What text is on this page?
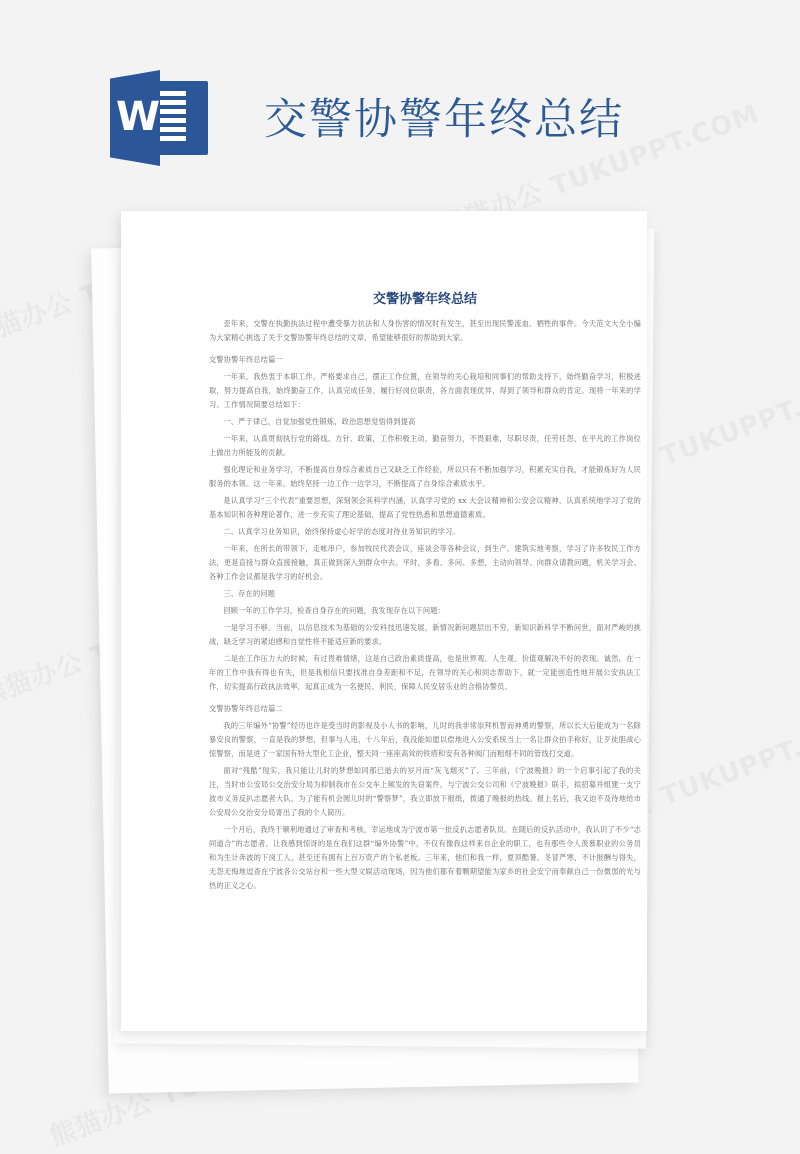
W 交警协警年终总结
交警协警年终总结

歪年来，交警在执勤执法过程中遭受暴力抗法和人身伤害的情况时有发生，甚至出现民警流血、牺牲的事件。今天范文大全小编为大家精心挑选了关于交警协警年终总结的文章，希望能够很好的帮助到大家。

交警协警年终总结篇一

一年来，我热衷于本职工作，严格要求自己，摆正工作位置，在领导的关心栽培和同事们的帮助支持下，始终勤奋学习，积极进取，努力提高自我，始终勤奋工作，认真完成任务，履行好岗位职责，各方面表现优异，得到了领导和群众的肯定。现将一年来的学习、工作情况简要总结如下：

一、严于律己，自觉加强党性锻炼，政治思想觉悟得到提高

一年来，认真贯彻执行党的路线、方针、政策，工作积极主动，勤奋努力，不畏艰难，尽职尽责，任劳任怨，在平凡的工作岗位上做出力所能及的贡献。

强化理论和业务学习，不断提高自身综合素质自己又缺乏工作经验，所以只有不断加强学习，积累充实自我，才能锻炼好为人民服务的本领。这一年来，始终坚持一边工作一边学习，不断提高了自身综合素质水平。

是认真学习“三个代表”重要思想，深刻领会其科学内涵，认真学习党的 xx 大会议精神和公安会议精神，认真系统地学习了党的基本知识和各种理论著作，进一步充实了理论基础，提高了党性热悉和思想道德素质。

二、认真学习业务知识，始终保持虚心好学的态度对待业务知识的学习。

一年来，在所长的带领下，走帐串户，参加牧民代表会议，座谈会等各种会议，到生产、建筑实地考察，学习了许多牧民工作方法，更是直接与群众直接接触，真正做到深入到群众中去。平时，多看、多问、多想，主动向领导、向群众请教问题，机关学习会、各种工作会议都是我学习的好机会。

三、存在的问题

回顾一年的工作学习，检查自身存在的问题，我发现存在以下问题：

一是学习不够。当前，以信息技术为基础的公安科技迅速发展，新情况新问题层出不穷，新知识新科学不断问世，面对严峻的挑战，缺乏学习的紧迫感和自觉性将不能适应新的要求。

二是在工作压力大的时候，有过畏难情绪，这是自己政治素质提高，也是世界观、人生观、价值观解决不好的表现。诚然，在一年的工作中我有得也有失，但是我相信只要找准自身差距和不足，在领导的关心和同志帮助下，就一定能创造性地开展公安执法工作，切实提高行政执法效率，起真正成为一名便民、利民，保障人民安居乐业的合格协警员。

交警协警年终总结篇二

我的三年编外“协警”经历也许是受当时的影视及小人书的影响，儿时的我非常崇拜机智而神勇的警察，所以长大后能成为一名除暴安良的警察，一直是我的梦想，但事与人违，十八年后，我没能如愿以偿地进入公安系统当上一名让群众拍手称好，让歹徒胆战心惊警察，而是进了一家国有特大型化工企业，整天同一座座高耸的铁塔和安有各种阀门而粗细不同的管线打交道。

面对“残酷”现实，我只能让儿时的梦想如同那已逝去的岁月而“灰飞烟灭”了。三年前，《宁波晚报》的一个启事引起了我的关注，当时市公安局公交治安分局为抑制我市在公交车上频发的失窃案件，与宁波公交公司和《宁波晚报》联手，拟招募并组建一支宁波市义务反扒志愿者大队。为了能有机会圆儿时的“警察梦”，我立即放下报纸，拨通了晚报的热线。报上名后，我又迫不及待地给市公安局公交治安分局寄出了我的个人简历。

一个月后，我终于顺利地通过了审查和考核，幸运地成为宁波市第一批反扒志愿者队员。在随后的反扒活动中，我认识了不少“志同道合”的志愿者。让我感到惊讶的是在我们这群“编外协警”中，不仅有像我这样来自企业的职工，也有那些令人羡慕职业的公务员和为生计奔波的下岗工人，甚至还有拥有上百万资产的个私老板。三年来，他们和我一样，夏顶酷暑、冬冒严寒，不计报酬与得失，无怨无悔地逗查在宁波各公交站台和一些大型文娱活动现场，因为他们都有着颗期望能为家乡的社会安宁而奉献自己一份微弱的光与热的正义之心。
